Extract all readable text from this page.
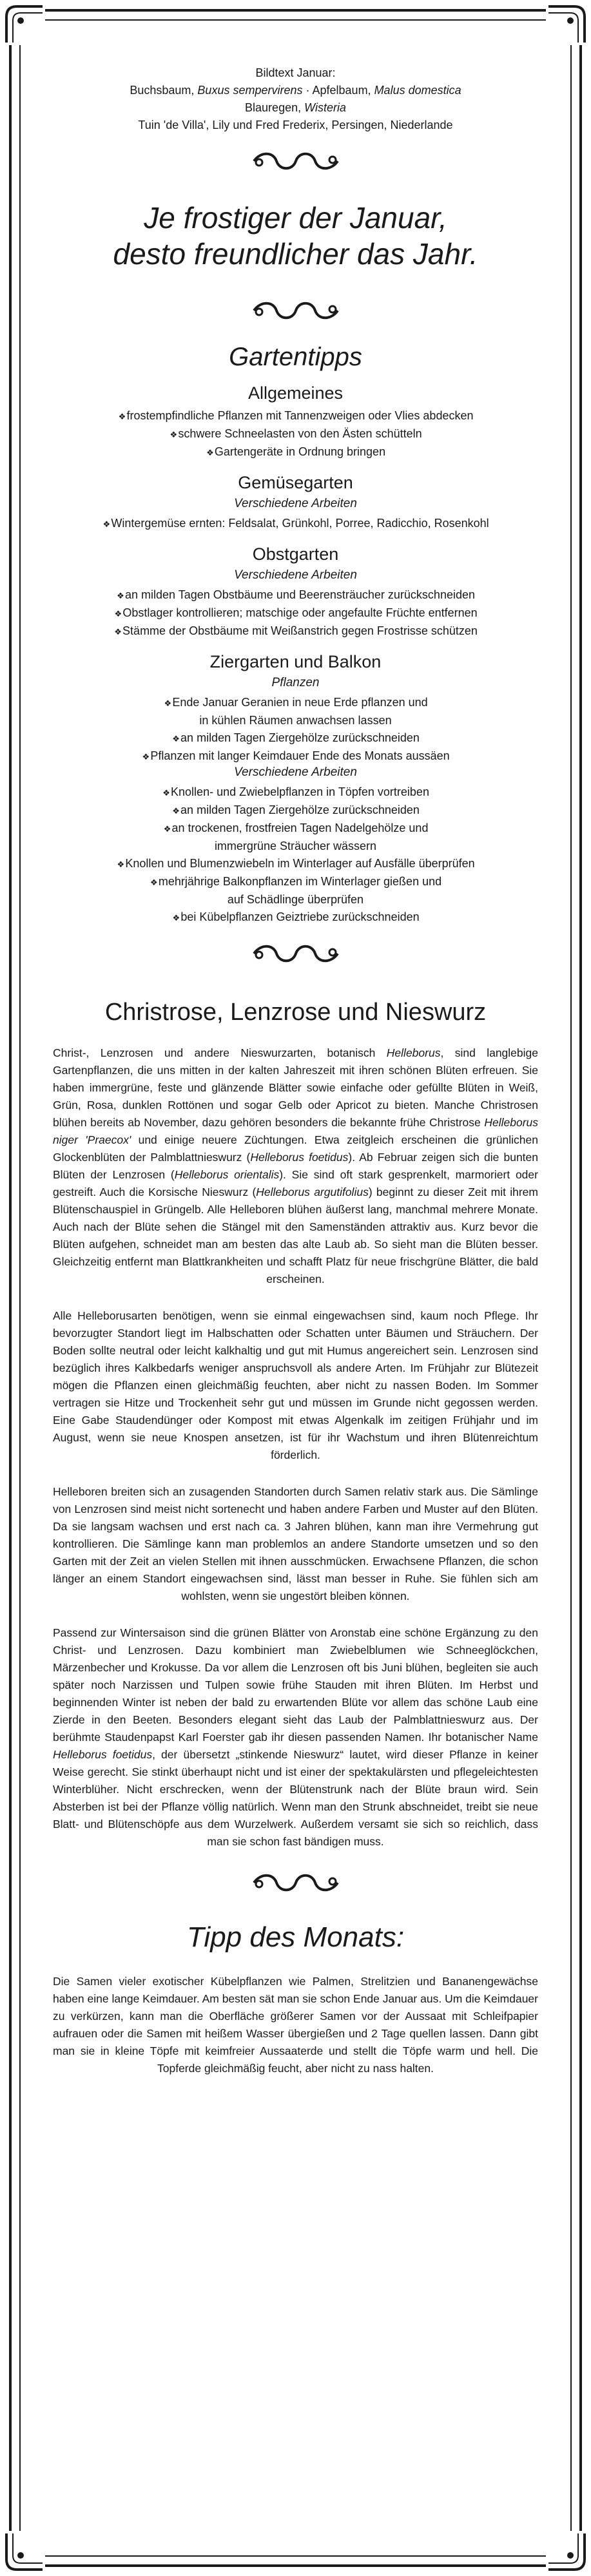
Bildtext Januar:
Buchsbaum, Buxus sempervirens · Apfelbaum, Malus domestica
Blauregen, Wisteria
Tuin 'de Villa', Lily und Fred Frederix, Persingen, Niederlande
Je frostiger der Januar,
desto freundlicher das Jahr.
Gartentipps
Allgemeines

❖frostempfindliche Pflanzen mit Tannenzweigen oder Vlies abdecken

❖schwere Schneelasten von den Ästen schütteln

❖Gartengeräte in Ordnung bringen

Gemüsegarten

Verschiedene Arbeiten

❖Wintergemüse ernten: Feldsalat, Grünkohl, Porree, Radicchio, Rosenkohl

Obstgarten

Verschiedene Arbeiten

❖an milden Tagen Obstbäume und Beerensträucher zurückschneiden

❖Obstlager kontrollieren; matschige oder angefaulte Früchte entfernen

❖Stämme der Obstbäume mit Weißanstrich gegen Frostrisse schützen

Ziergarten und Balkon

Pflanzen

❖Ende Januar Geranien in neue Erde pflanzen und
in kühlen Räumen anwachsen lassen

❖an milden Tagen Ziergehölze zurückschneiden

❖Pflanzen mit langer Keimdauer Ende des Monats aussäen

Verschiedene Arbeiten

❖Knollen- und Zwiebelpflanzen in Töpfen vortreiben

❖an milden Tagen Ziergehölze zurückschneiden

❖an trockenen, frostfreien Tagen Nadelgehölze und
immergrüne Sträucher wässern

❖Knollen und Blumenzwiebeln im Winterlager auf Ausfälle überprüfen

❖mehrjährige Balkonpflanzen im Winterlager gießen und
auf Schädlinge überprüfen

❖bei Kübelpflanzen Geiztriebe zurückschneiden

Christrose, Lenzrose und Nieswurz

Christ-, Lenzrosen und andere Nieswurzarten, botanisch Helleborus, sind langlebige Gartenpflanzen, die uns mitten in der kalten Jahreszeit mit ihren schönen Blüten erfreuen. Sie haben immergrüne, feste und glänzende Blätter sowie einfache oder gefüllte Blüten in Weiß, Grün, Rosa, dunklen Rottönen und sogar Gelb oder Apricot zu bieten. Manche Christrosen blühen bereits ab November, dazu gehören besonders die bekannte frühe Christrose Helleborus niger 'Praecox' und einige neuere Züchtungen. Etwa zeitgleich erscheinen die grünlichen Glockenblüten der Palmblattnieswurz (Helleborus foetidus). Ab Februar zeigen sich die bunten Blüten der Lenzrosen (Helleborus orientalis). Sie sind oft stark gesprenkelt, marmoriert oder gestreift. Auch die Korsische Nieswurz (Helleborus argutifolius) beginnt zu dieser Zeit mit ihrem Blütenschauspiel in Grüngelb. Alle Helleboren blühen äußerst lang, manchmal mehrere Monate. Auch nach der Blüte sehen die Stängel mit den Samenständen attraktiv aus. Kurz bevor die Blüten aufgehen, schneidet man am besten das alte Laub ab. So sieht man die Blüten besser. Gleichzeitig entfernt man Blattkrankheiten und schafft Platz für neue frischgrüne Blätter, die bald erscheinen.

Alle Helleborusarten benötigen, wenn sie einmal eingewachsen sind, kaum noch Pflege. Ihr bevorzugter Standort liegt im Halbschatten oder Schatten unter Bäumen und Sträuchern. Der Boden sollte neutral oder leicht kalkhaltig und gut mit Humus angereichert sein. Lenzrosen sind bezüglich ihres Kalkbedarfs weniger anspruchsvoll als andere Arten. Im Frühjahr zur Blütezeit mögen die Pflanzen einen gleichmäßig feuchten, aber nicht zu nassen Boden. Im Sommer vertragen sie Hitze und Trockenheit sehr gut und müssen im Grunde nicht gegossen werden. Eine Gabe Staudendünger oder Kompost mit etwas Algenkalk im zeitigen Frühjahr und im August, wenn sie neue Knospen ansetzen, ist für ihr Wachstum und ihren Blütenreichtum förderlich.

Helleboren breiten sich an zusagenden Standorten durch Samen relativ stark aus. Die Sämlinge von Lenzrosen sind meist nicht sortenecht und haben andere Farben und Muster auf den Blüten. Da sie langsam wachsen und erst nach ca. 3 Jahren blühen, kann man ihre Vermehrung gut kontrollieren. Die Sämlinge kann man problemlos an andere Standorte umsetzen und so den Garten mit der Zeit an vielen Stellen mit ihnen ausschmücken. Erwachsene Pflanzen, die schon länger an einem Standort eingewachsen sind, lässt man besser in Ruhe. Sie fühlen sich am wohlsten, wenn sie ungestört bleiben können.

Passend zur Wintersaison sind die grünen Blätter von Aronstab eine schöne Ergänzung zu den Christ- und Lenzrosen. Dazu kombiniert man Zwiebelblumen wie Schneeglöckchen, Märzenbecher und Krokusse. Da vor allem die Lenzrosen oft bis Juni blühen, begleiten sie auch später noch Narzissen und Tulpen sowie frühe Stauden mit ihren Blüten. Im Herbst und beginnenden Winter ist neben der bald zu erwartenden Blüte vor allem das schöne Laub eine Zierde in den Beeten. Besonders elegant sieht das Laub der Palmblattnieswurz aus. Der berühmte Staudenpapst Karl Foerster gab ihr diesen passenden Namen. Ihr botanischer Name Helleborus foetidus, der übersetzt „stinkende Nieswurz“ lautet, wird dieser Pflanze in keiner Weise gerecht. Sie stinkt überhaupt nicht und ist einer der spektakulärsten und pflegeleichtesten Winterblüher. Nicht erschrecken, wenn der Blütenstrunk nach der Blüte braun wird. Sein Absterben ist bei der Pflanze völlig natürlich. Wenn man den Strunk abschneidet, treibt sie neue Blatt- und Blütenschöpfe aus dem Wurzelwerk. Außerdem versamt sie sich so reichlich, dass man sie schon fast bändigen muss.

Tipp des Monats:

Die Samen vieler exotischer Kübelpflanzen wie Palmen, Strelitzien und Bananengewächse haben eine lange Keimdauer. Am besten sät man sie schon Ende Januar aus. Um die Keimdauer zu verkürzen, kann man die Oberfläche größerer Samen vor der Aussaat mit Schleifpapier aufrauen oder die Samen mit heißem Wasser übergießen und 2 Tage quellen lassen. Dann gibt man sie in kleine Töpfe mit keimfreier Aussaaterde und stellt die Töpfe warm und hell. Die Topferde gleichmäßig feucht, aber nicht zu nass halten.
